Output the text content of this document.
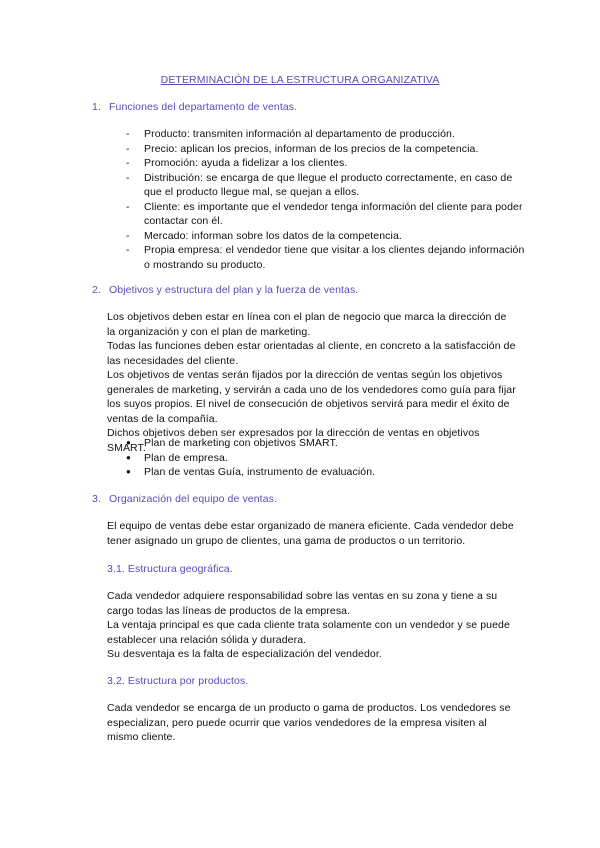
DETERMINACIÓN DE LA ESTRUCTURA ORGANIZATIVA
1. Funciones del departamento de ventas.
- Producto: transmiten información al departamento de producción.
- Precio: aplican los precios, informan de los precios de la competencia.
- Promoción: ayuda a fidelizar a los clientes.
- Distribución: se encarga de que llegue el producto correctamente, en caso de que el producto llegue mal, se quejan a ellos.
- Cliente: es importante que el vendedor tenga información del cliente para poder contactar con él.
- Mercado: informan sobre los datos de la competencia.
- Propia empresa: el vendedor tiene que visitar a los clientes dejando información o mostrando su producto.
2. Objetivos y estructura del plan y la fuerza de ventas.

Los objetivos deben estar en línea con el plan de negocio que marca la dirección de la organización y con el plan de marketing.

Todas las funciones deben estar orientadas al cliente, en concreto a la satisfacción de las necesidades del cliente.

Los objetivos de ventas serán fijados por la dirección de ventas según los objetivos generales de marketing, y servirán a cada uno de los vendedores como guía para fijar los suyos propios. El nivel de consecución de objetivos servirá para medir el éxito de ventas de la compañía.

Dichos objetivos deben ser expresados por la dirección de ventas en objetivos SMART.

● Plan de marketing con objetivos SMART.
● Plan de empresa.
● Plan de ventas Guía, instrumento de evaluación.
3. Organización del equipo de ventas.

El equipo de ventas debe estar organizado de manera eficiente. Cada vendedor debe tener asignado un grupo de clientes, una gama de productos o un territorio.

3.1. Estructura geográfica.

Cada vendedor adquiere responsabilidad sobre las ventas en su zona y tiene a su cargo todas las líneas de productos de la empresa.

La ventaja principal es que cada cliente trata solamente con un vendedor y se puede establecer una relación sólida y duradera.

Su desventaja es la falta de especialización del vendedor.

3.2. Estructura por productos.

Cada vendedor se encarga de un producto o gama de productos. Los vendedores se especializan, pero puede ocurrir que varios vendedores de la empresa visiten al mismo cliente.
